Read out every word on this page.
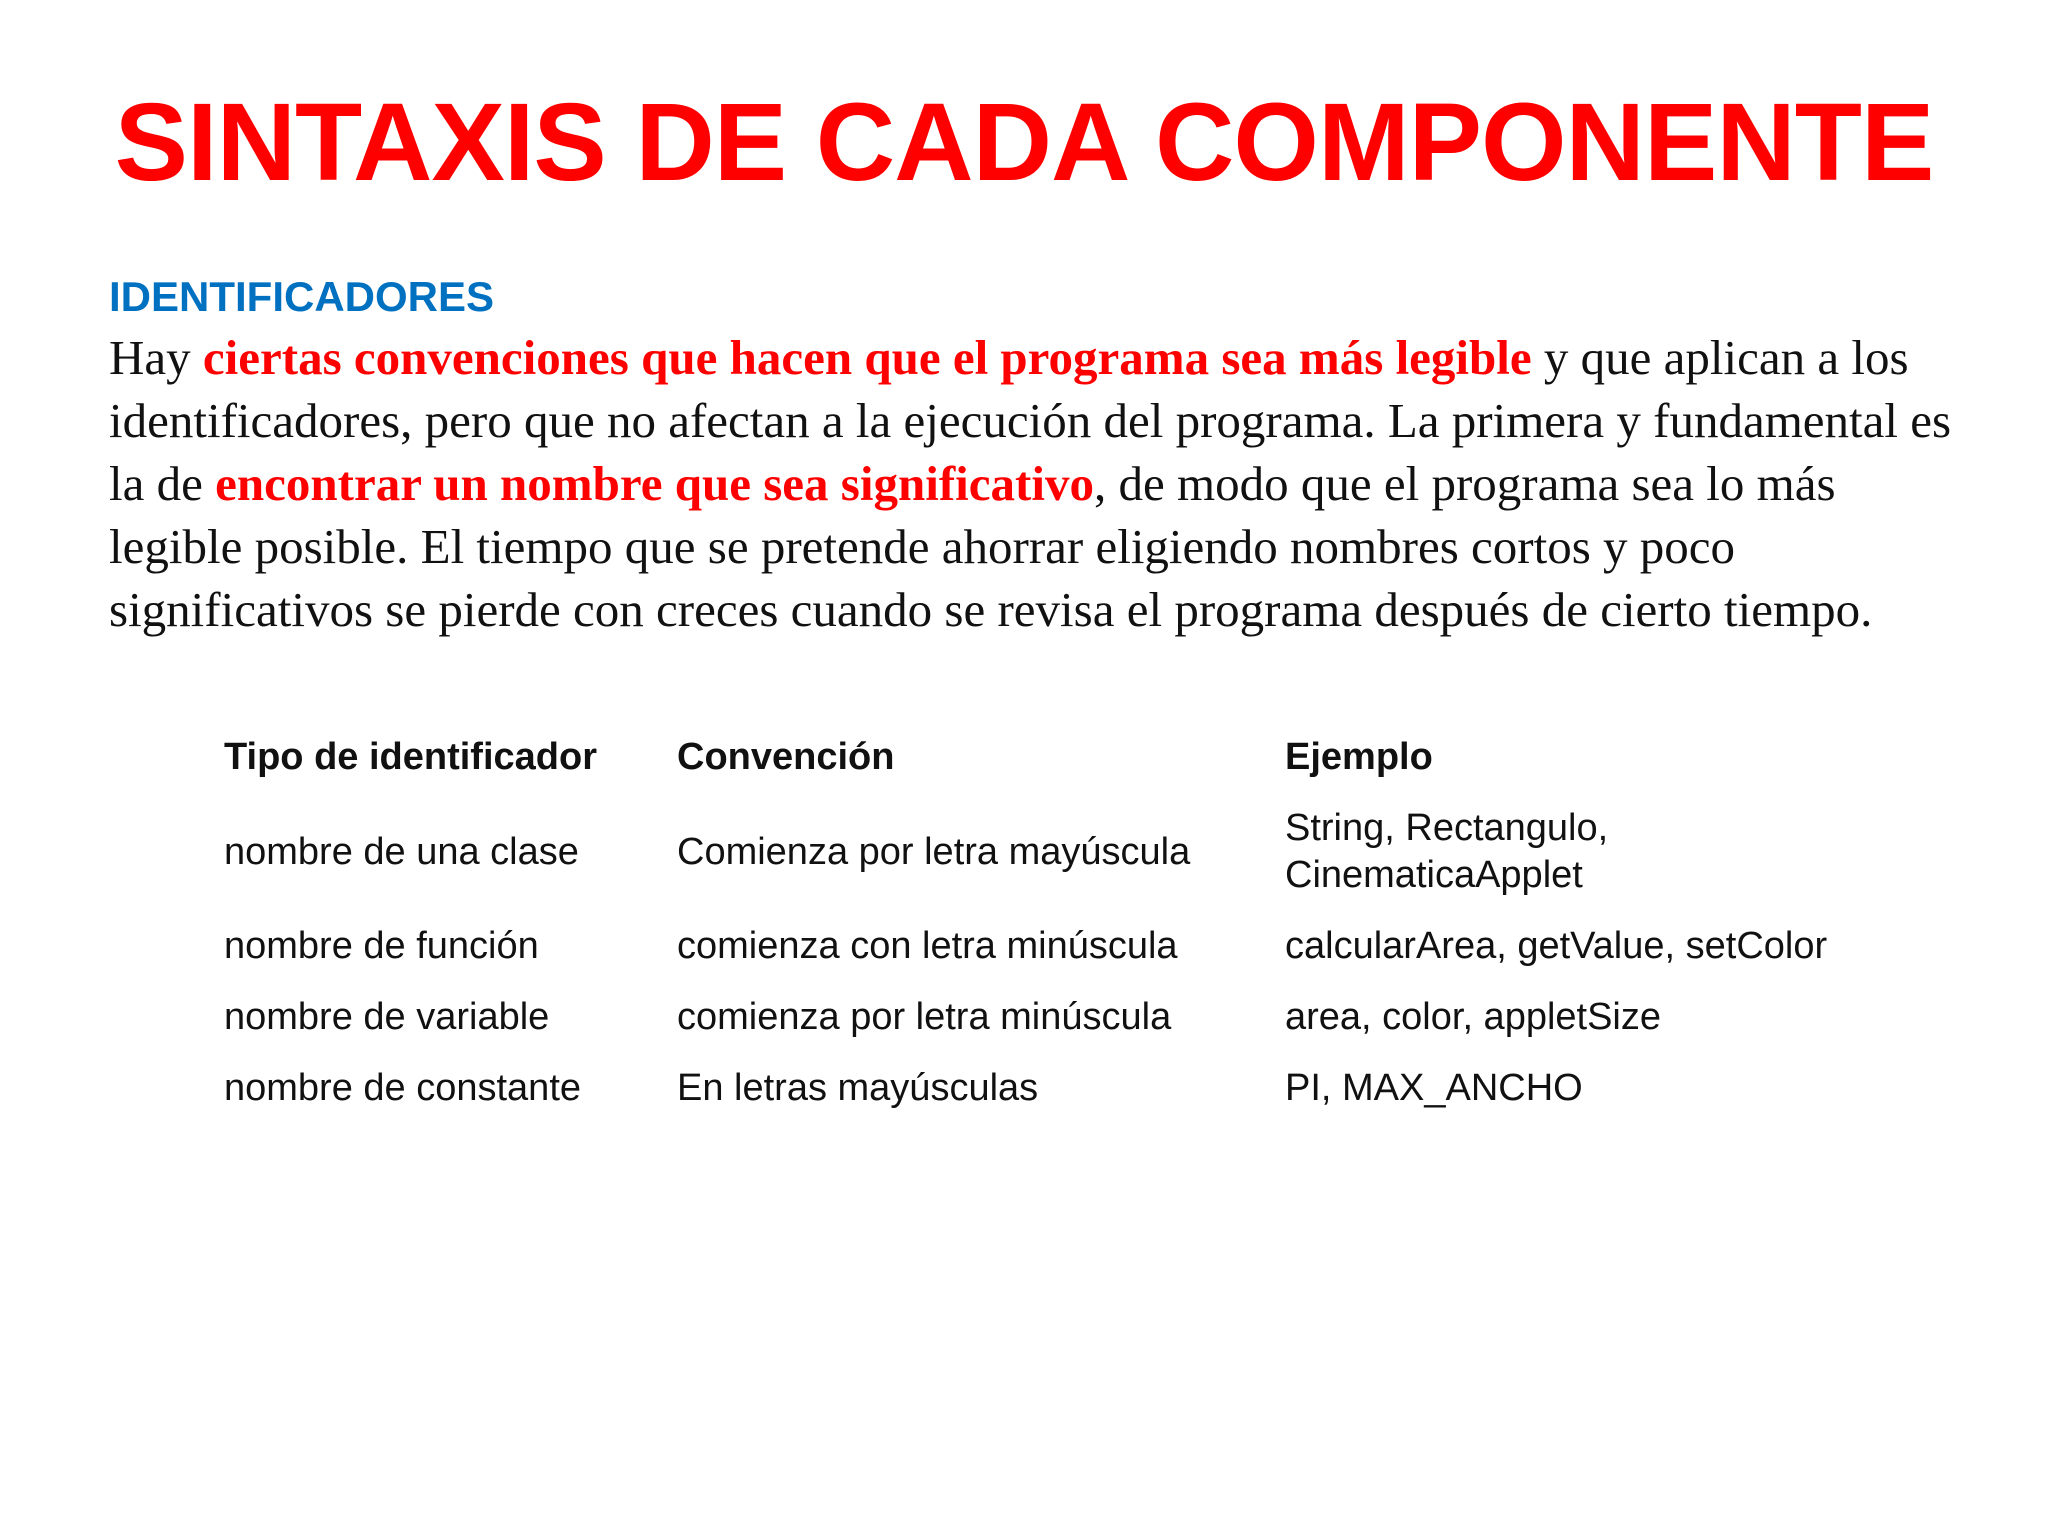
SINTAXIS DE CADA COMPONENTE
IDENTIFICADORES

Hay ciertas convenciones que hacen que el programa sea más legible y que aplican a los identificadores, pero que no afectan a la ejecución del programa. La primera y fundamental es la de encontrar un nombre que sea significativo, de modo que el programa sea lo más legible posible. El tiempo que se pretende ahorrar eligiendo nombres cortos y poco significativos se pierde con creces cuando se revisa el programa después de cierto tiempo.

Tipo de identificador	Convención	Ejemplo
nombre de una clase	Comienza por letra mayúscula	String, Rectangulo, CinematicaApplet
nombre de función	comienza con letra minúscula	calcularArea, getValue, setColor
nombre de variable	comienza por letra minúscula	area, color, appletSize
nombre de constante	En letras mayúsculas	PI, MAX_ANCHO
